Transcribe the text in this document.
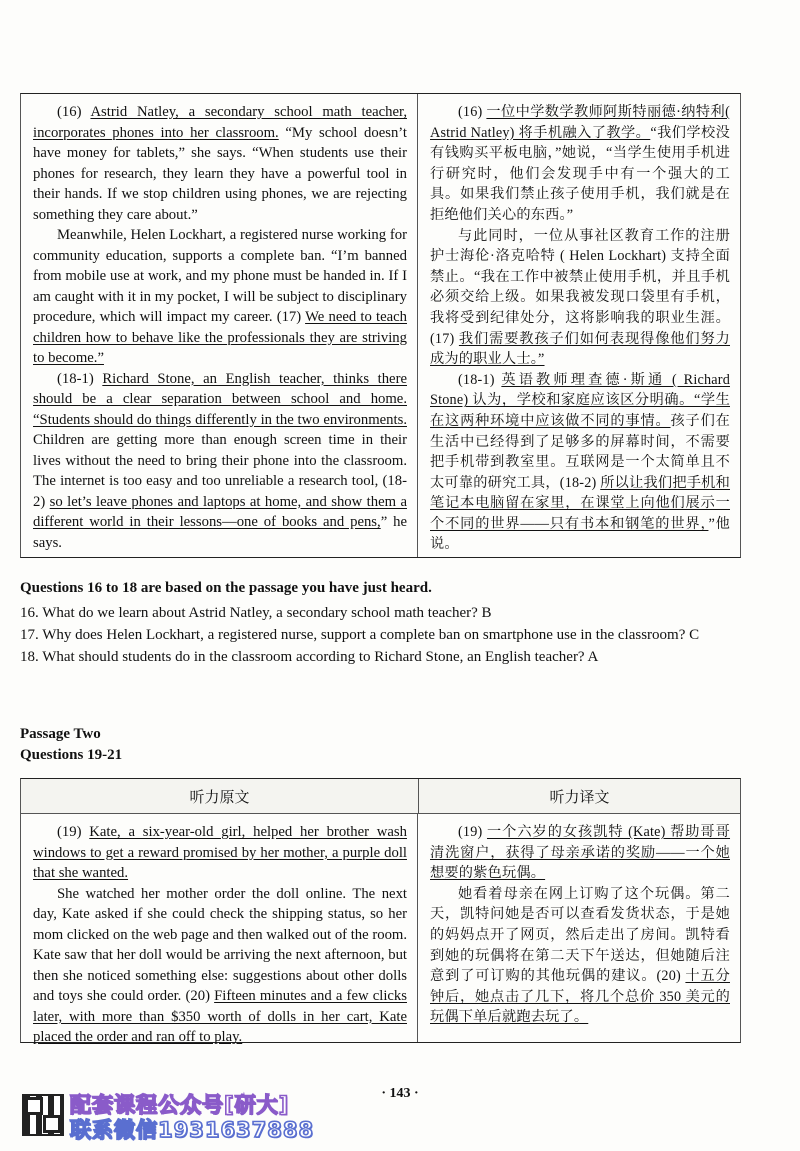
(16) Astrid Natley, a secondary school math teacher, incorporates phones into her classroom. “My school doesn’t have money for tablets,” she says. “When students use their phones for research, they learn they have a powerful tool in their hands. If we stop children using phones, we are rejecting something they care about.”

Meanwhile, Helen Lockhart, a registered nurse working for community education, supports a complete ban. “I’m banned from mobile use at work, and my phone must be handed in. If I am caught with it in my pocket, I will be subject to disciplinary procedure, which will impact my career. (17) We need to teach children how to behave like the professionals they are striving to become.”

(18-1) Richard Stone, an English teacher, thinks there should be a clear separation between school and home. “Students should do things differently in the two environments. Children are getting more than enough screen time in their lives without the need to bring their phone into the classroom. The internet is too easy and too unreliable a research tool, (18-2) so let’s leave phones and laptops at home, and show them a different world in their lessons—one of books and pens,” he says.

(16) 一位中学数学教师阿斯特丽德·纳特利( Astrid Natley) 将手机融入了教学。“我们学校没有钱购买平板电脑，”她说，“当学生使用手机进行研究时，他们会发现手中有一个强大的工具。如果我们禁止孩子使用手机，我们就是在拒绝他们关心的东西。”

与此同时，一位从事社区教育工作的注册护士海伦·洛克哈特 ( Helen Lockhart) 支持全面禁止。“我在工作中被禁止使用手机，并且手机必须交给上级。如果我被发现口袋里有手机，我将受到纪律处分，这将影响我的职业生涯。(17) 我们需要教孩子们如何表现得像他们努力成为的职业人士。”

(18-1) 英语教师理查德·斯通 ( Richard Stone) 认为，学校和家庭应该区分明确。“学生在这两种环境中应该做不同的事情。孩子们在生活中已经得到了足够多的屏幕时间，不需要把手机带到教室里。互联网是一个太简单且不太可靠的研究工具，(18-2) 所以让我们把手机和笔记本电脑留在家里，在课堂上向他们展示一个不同的世界——只有书本和钢笔的世界，”他说。

Questions 16 to 18 are based on the passage you have just heard.

16. What do we learn about Astrid Natley, a secondary school math teacher? B

17. Why does Helen Lockhart, a registered nurse, support a complete ban on smartphone use in the classroom? C

18. What should students do in the classroom according to Richard Stone, an English teacher? A

Passage Two
Questions 19-21
听力原文	听力译文

(19) Kate, a six-year-old girl, helped her brother wash windows to get a reward promised by her mother, a purple doll that she wanted.

She watched her mother order the doll online. The next day, Kate asked if she could check the shipping status, so her mom clicked on the web page and then walked out of the room. Kate saw that her doll would be arriving the next afternoon, but then she noticed something else: suggestions about other dolls and toys she could order. (20) Fifteen minutes and a few clicks later, with more than $350 worth of dolls in her cart, Kate placed the order and ran off to play.

(19) 一个六岁的女孩凯特 (Kate) 帮助哥哥清洗窗户，获得了母亲承诺的奖励——一个她想要的紫色玩偶。

她看着母亲在网上订购了这个玩偶。第二天，凯特问她是否可以查看发货状态，于是她的妈妈点开了网页，然后走出了房间。凯特看到她的玩偶将在第二天下午送达，但她随后注意到了可订购的其他玩偶的建议。(20) 十五分钟后，她点击了几下，将几个总价 350 美元的玩偶下单后就跑去玩了。

· 143 ·
配套课程公众号[研大]
联系微信1931637888
